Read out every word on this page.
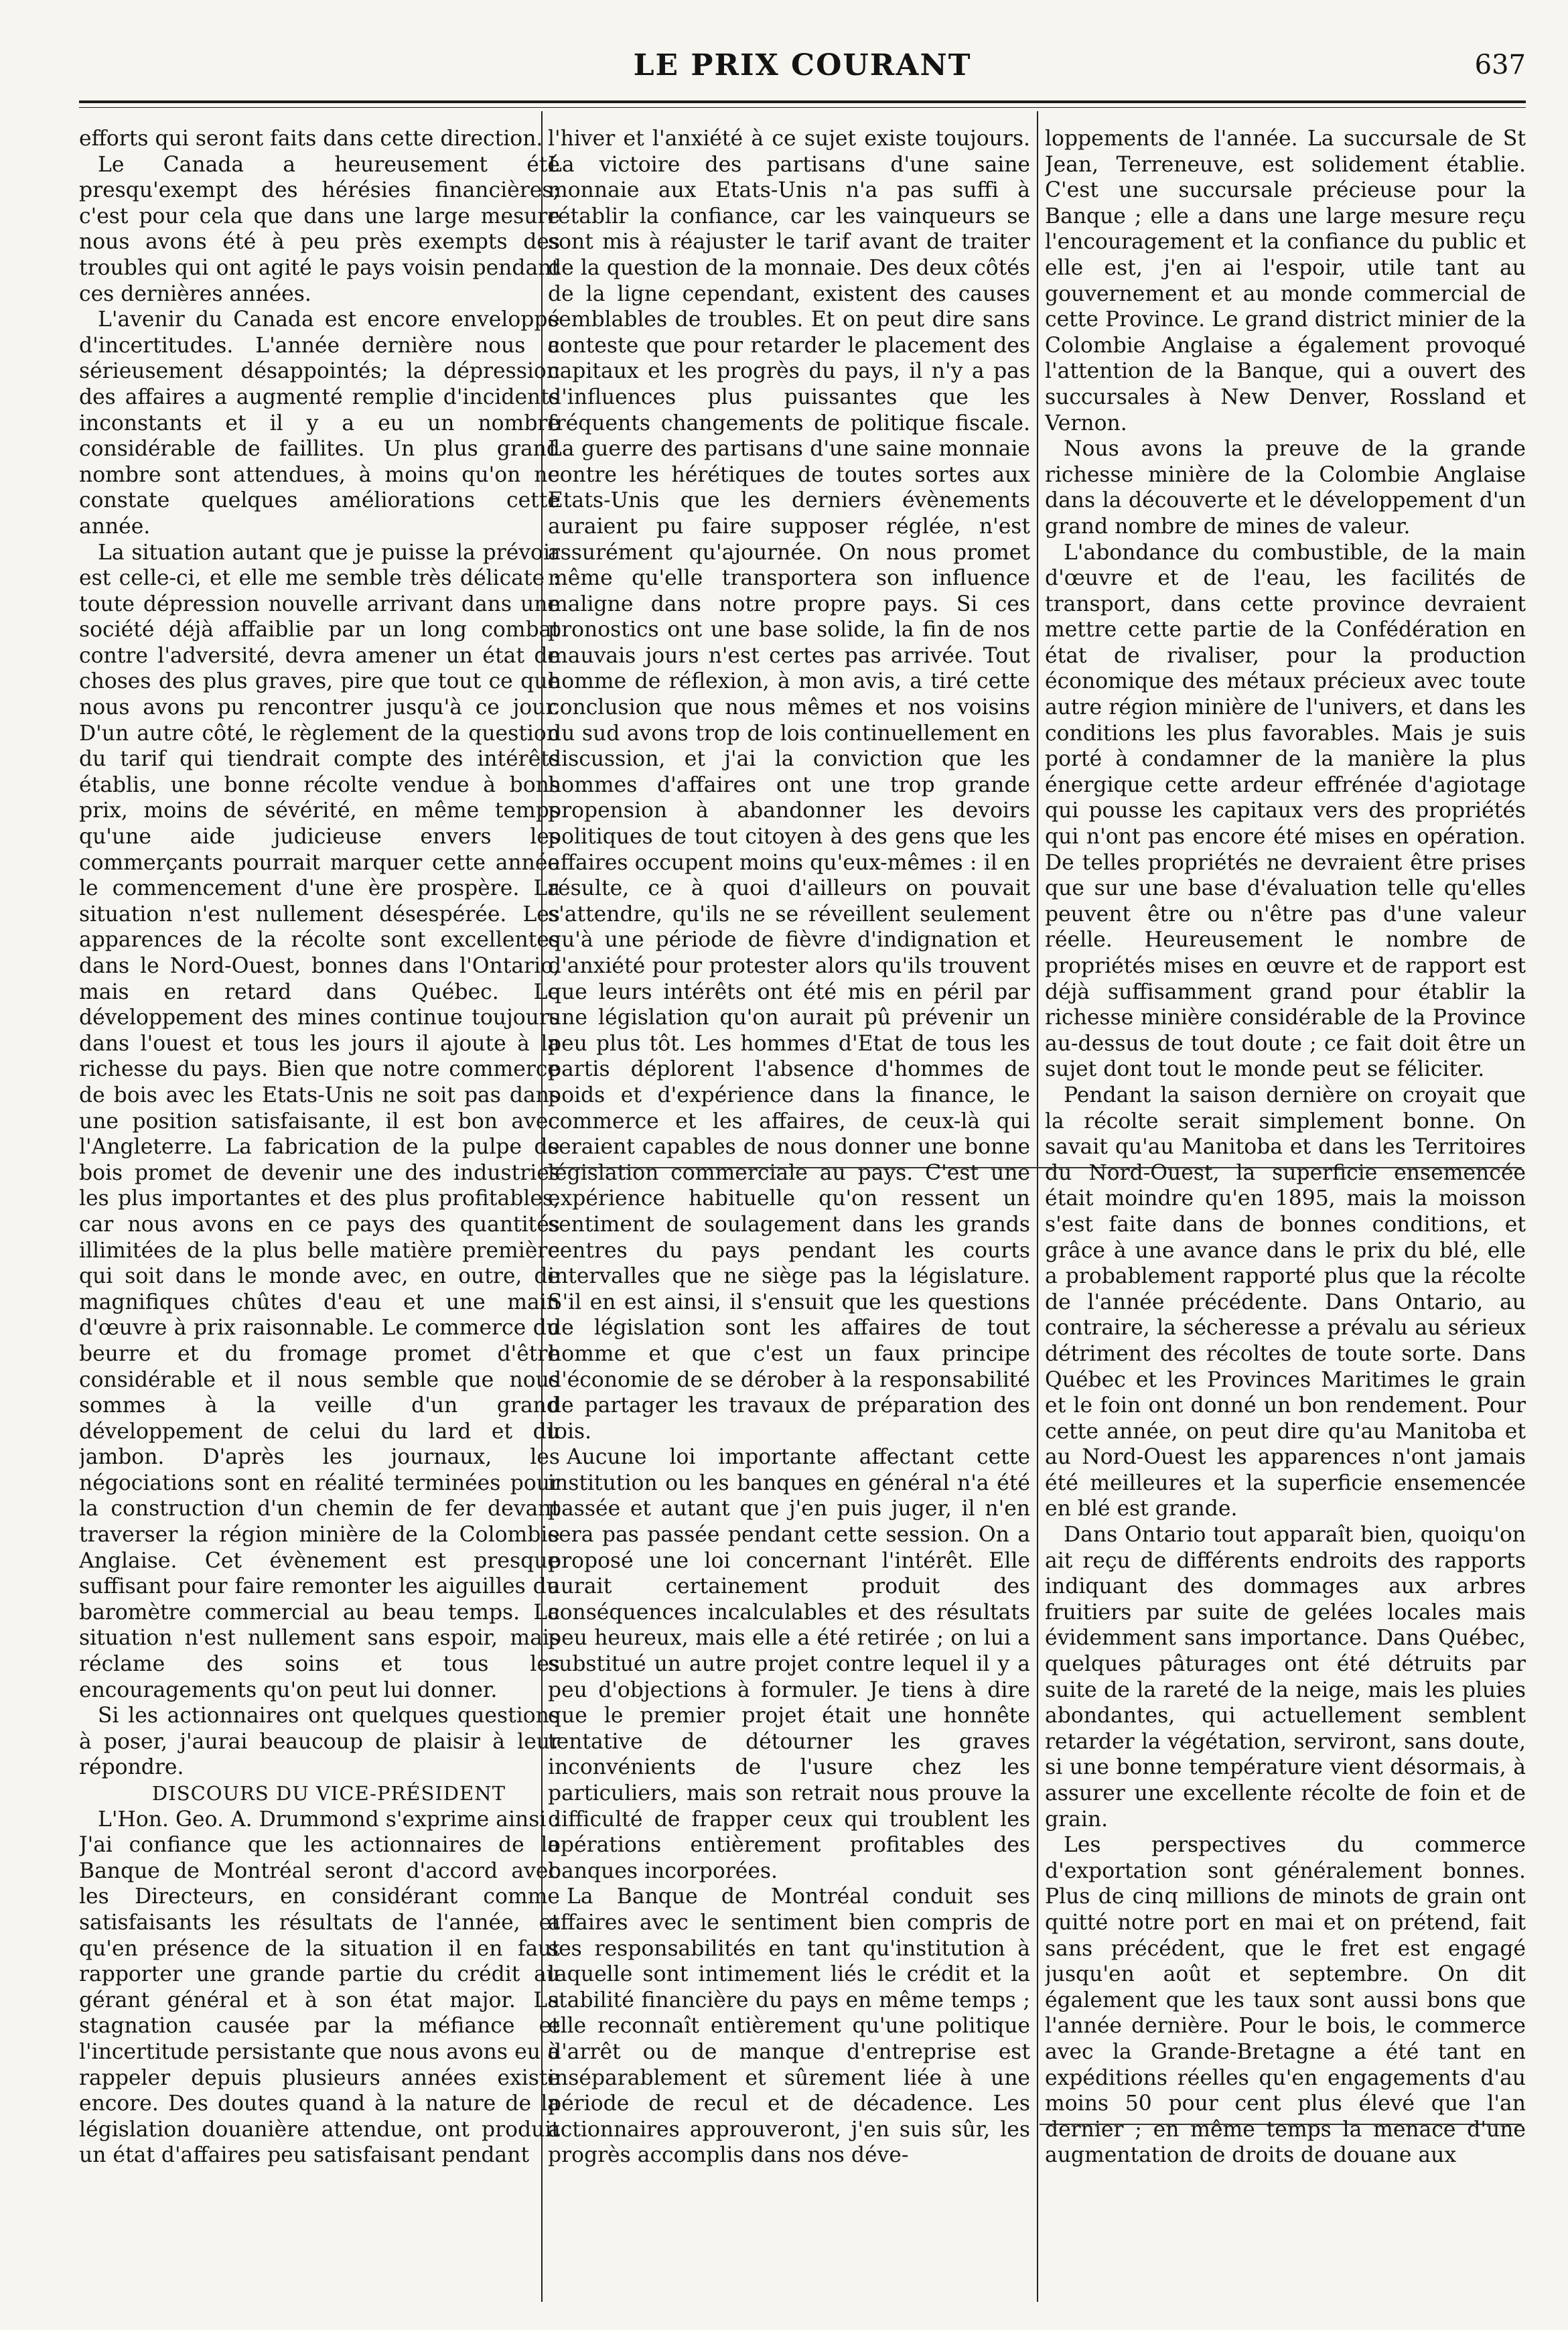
LE PRIX COURANT	637

efforts qui seront faits dans cette direction.

Le Canada a heureusement été presqu'exempt des hérésies financières; c'est pour cela que dans une large mesure nous avons été à peu près exempts des troubles qui ont agité le pays voisin pendant ces dernières années.

L'avenir du Canada est encore enveloppé d'incertitudes. L'année dernière nous a sérieusement désappointés; la dépression des affaires a augmenté remplie d'incidents inconstants et il y a eu un nombre considérable de faillites. Un plus grand nombre sont attendues, à moins qu'on ne constate quelques améliorations cette année.

La situation autant que je puisse la prévoir est celle-ci, et elle me semble très délicate : toute dépression nouvelle arrivant dans une société déjà affaiblie par un long combat contre l'adversité, devra amener un état de choses des plus graves, pire que tout ce que nous avons pu rencontrer jusqu'à ce jour. D'un autre côté, le règlement de la question du tarif qui tiendrait compte des intérêts établis, une bonne récolte vendue à bons prix, moins de sévérité, en même temps qu'une aide judicieuse envers les commerçants pourrait marquer cette année le commencement d'une ère prospère. La situation n'est nullement désespérée. Les apparences de la récolte sont excellentes dans le Nord-Ouest, bonnes dans l'Ontario, mais en retard dans Québec. Le développement des mines continue toujours dans l'ouest et tous les jours il ajoute à la richesse du pays. Bien que notre commerce de bois avec les Etats-Unis ne soit pas dans une position satisfaisante, il est bon avec l'Angleterre. La fabrication de la pulpe de bois promet de devenir une des industries les plus importantes et des plus profitables, car nous avons en ce pays des quantités illimitées de la plus belle matière première qui soit dans le monde avec, en outre, de magnifiques chûtes d'eau et une main d'œuvre à prix raisonnable. Le commerce du beurre et du fromage promet d'être considérable et il nous semble que nous sommes à la veille d'un grand développement de celui du lard et du jambon. D'après les journaux, les négociations sont en réalité terminées pour la construction d'un chemin de fer devant traverser la région minière de la Colombie Anglaise. Cet évènement est presque suffisant pour faire remonter les aiguilles du baromètre commercial au beau temps. La situation n'est nullement sans espoir, mais réclame des soins et tous les encouragements qu'on peut lui donner.

Si les actionnaires ont quelques questions à poser, j'aurai beaucoup de plaisir à leur répondre.

DISCOURS DU VICE-PRÉSIDENT

L'Hon. Geo. A. Drummond s'exprime ainsi : J'ai confiance que les actionnaires de la Banque de Montréal seront d'accord avec les Directeurs, en considérant comme satisfaisants les résultats de l'année, et qu'en présence de la situation il en faut rapporter une grande partie du crédit au gérant général et à son état major. La stagnation causée par la méfiance et l'incertitude persistante que nous avons eu à rappeler depuis plusieurs années existe encore. Des doutes quand à la nature de la législation douanière attendue, ont produit un état d'affaires peu satisfaisant pendant

l'hiver et l'anxiété à ce sujet existe toujours. La victoire des partisans d'une saine monnaie aux Etats-Unis n'a pas suffi à rétablir la confiance, car les vainqueurs se sont mis à réajuster le tarif avant de traiter de la question de la monnaie. Des deux côtés de la ligne cependant, existent des causes semblables de troubles. Et on peut dire sans conteste que pour retarder le placement des capitaux et les progrès du pays, il n'y a pas d'influences plus puissantes que les fréquents changements de politique fiscale. La guerre des partisans d'une saine monnaie contre les hérétiques de toutes sortes aux Etats-Unis que les derniers évènements auraient pu faire supposer réglée, n'est assurément qu'ajournée. On nous promet même qu'elle transportera son influence maligne dans notre propre pays. Si ces pronostics ont une base solide, la fin de nos mauvais jours n'est certes pas arrivée. Tout homme de réflexion, à mon avis, a tiré cette conclusion que nous mêmes et nos voisins du sud avons trop de lois continuellement en discussion, et j'ai la conviction que les hommes d'affaires ont une trop grande propension à abandonner les devoirs politiques de tout citoyen à des gens que les affaires occupent moins qu'eux-mêmes : il en résulte, ce à quoi d'ailleurs on pouvait s'attendre, qu'ils ne se réveillent seulement qu'à une période de fièvre d'indignation et d'anxiété pour protester alors qu'ils trouvent que leurs intérêts ont été mis en péril par une législation qu'on aurait pû prévenir un peu plus tôt. Les hommes d'Etat de tous les partis déplorent l'absence d'hommes de poids et d'expérience dans la finance, le commerce et les affaires, de ceux-là qui seraient capables de nous donner une bonne législation commerciale au pays. C'est une expérience habituelle qu'on ressent un sentiment de soulagement dans les grands centres du pays pendant les courts intervalles que ne siège pas la législature. S'il en est ainsi, il s'ensuit que les questions de législation sont les affaires de tout homme et que c'est un faux principe d'économie de se dérober à la responsabilité de partager les travaux de préparation des lois.

Aucune loi importante affectant cette institution ou les banques en général n'a été passée et autant que j'en puis juger, il n'en sera pas passée pendant cette session. On a proposé une loi concernant l'intérêt. Elle aurait certainement produit des conséquences incalculables et des résultats peu heureux, mais elle a été retirée ; on lui a substitué un autre projet contre lequel il y a peu d'objections à formuler. Je tiens à dire que le premier projet était une honnête tentative de détourner les graves inconvénients de l'usure chez les particuliers, mais son retrait nous prouve la difficulté de frapper ceux qui troublent les opérations entièrement profitables des banques incorporées.

La Banque de Montréal conduit ses affaires avec le sentiment bien compris de ses responsabilités en tant qu'institution à laquelle sont intimement liés le crédit et la stabilité financière du pays en même temps ; elle reconnaît entièrement qu'une politique d'arrêt ou de manque d'entreprise est inséparablement et sûrement liée à une période de recul et de décadence. Les actionnaires approuveront, j'en suis sûr, les progrès accomplis dans nos déve-

loppements de l'année. La succursale de St Jean, Terreneuve, est solidement établie. C'est une succursale précieuse pour la Banque ; elle a dans une large mesure reçu l'encouragement et la confiance du public et elle est, j'en ai l'espoir, utile tant au gouvernement et au monde commercial de cette Province. Le grand district minier de la Colombie Anglaise a également provoqué l'attention de la Banque, qui a ouvert des succursales à New Denver, Rossland et Vernon.

Nous avons la preuve de la grande richesse minière de la Colombie Anglaise dans la découverte et le développement d'un grand nombre de mines de valeur.

L'abondance du combustible, de la main d'œuvre et de l'eau, les facilités de transport, dans cette province devraient mettre cette partie de la Confédération en état de rivaliser, pour la production économique des métaux précieux avec toute autre région minière de l'univers, et dans les conditions les plus favorables. Mais je suis porté à condamner de la manière la plus énergique cette ardeur effrénée d'agiotage qui pousse les capitaux vers des propriétés qui n'ont pas encore été mises en opération. De telles propriétés ne devraient être prises que sur une base d'évaluation telle qu'elles peuvent être ou n'être pas d'une valeur réelle. Heureusement le nombre de propriétés mises en œuvre et de rapport est déjà suffisamment grand pour établir la richesse minière considérable de la Province au-dessus de tout doute ; ce fait doit être un sujet dont tout le monde peut se féliciter.

Pendant la saison dernière on croyait que la récolte serait simplement bonne. On savait qu'au Manitoba et dans les Territoires du Nord-Ouest, la superficie ensemencée était moindre qu'en 1895, mais la moisson s'est faite dans de bonnes conditions, et grâce à une avance dans le prix du blé, elle a probablement rapporté plus que la récolte de l'année précédente. Dans Ontario, au contraire, la sécheresse a prévalu au sérieux détriment des récoltes de toute sorte. Dans Québec et les Provinces Maritimes le grain et le foin ont donné un bon rendement. Pour cette année, on peut dire qu'au Manitoba et au Nord-Ouest les apparences n'ont jamais été meilleures et la superficie ensemencée en blé est grande.

Dans Ontario tout apparaît bien, quoiqu'on ait reçu de différents endroits des rapports indiquant des dommages aux arbres fruitiers par suite de gelées locales mais évidemment sans importance. Dans Québec, quelques pâturages ont été détruits par suite de la rareté de la neige, mais les pluies abondantes, qui actuellement semblent retarder la végétation, serviront, sans doute, si une bonne température vient désormais, à assurer une excellente récolte de foin et de grain.

Les perspectives du commerce d'exportation sont généralement bonnes. Plus de cinq millions de minots de grain ont quitté notre port en mai et on prétend, fait sans précédent, que le fret est engagé jusqu'en août et septembre. On dit également que les taux sont aussi bons que l'année dernière. Pour le bois, le commerce avec la Grande-Bretagne a été tant en expéditions réelles qu'en engagements d'au moins 50 pour cent plus élevé que l'an dernier ; en même temps la menace d'une augmentation de droits de douane aux
